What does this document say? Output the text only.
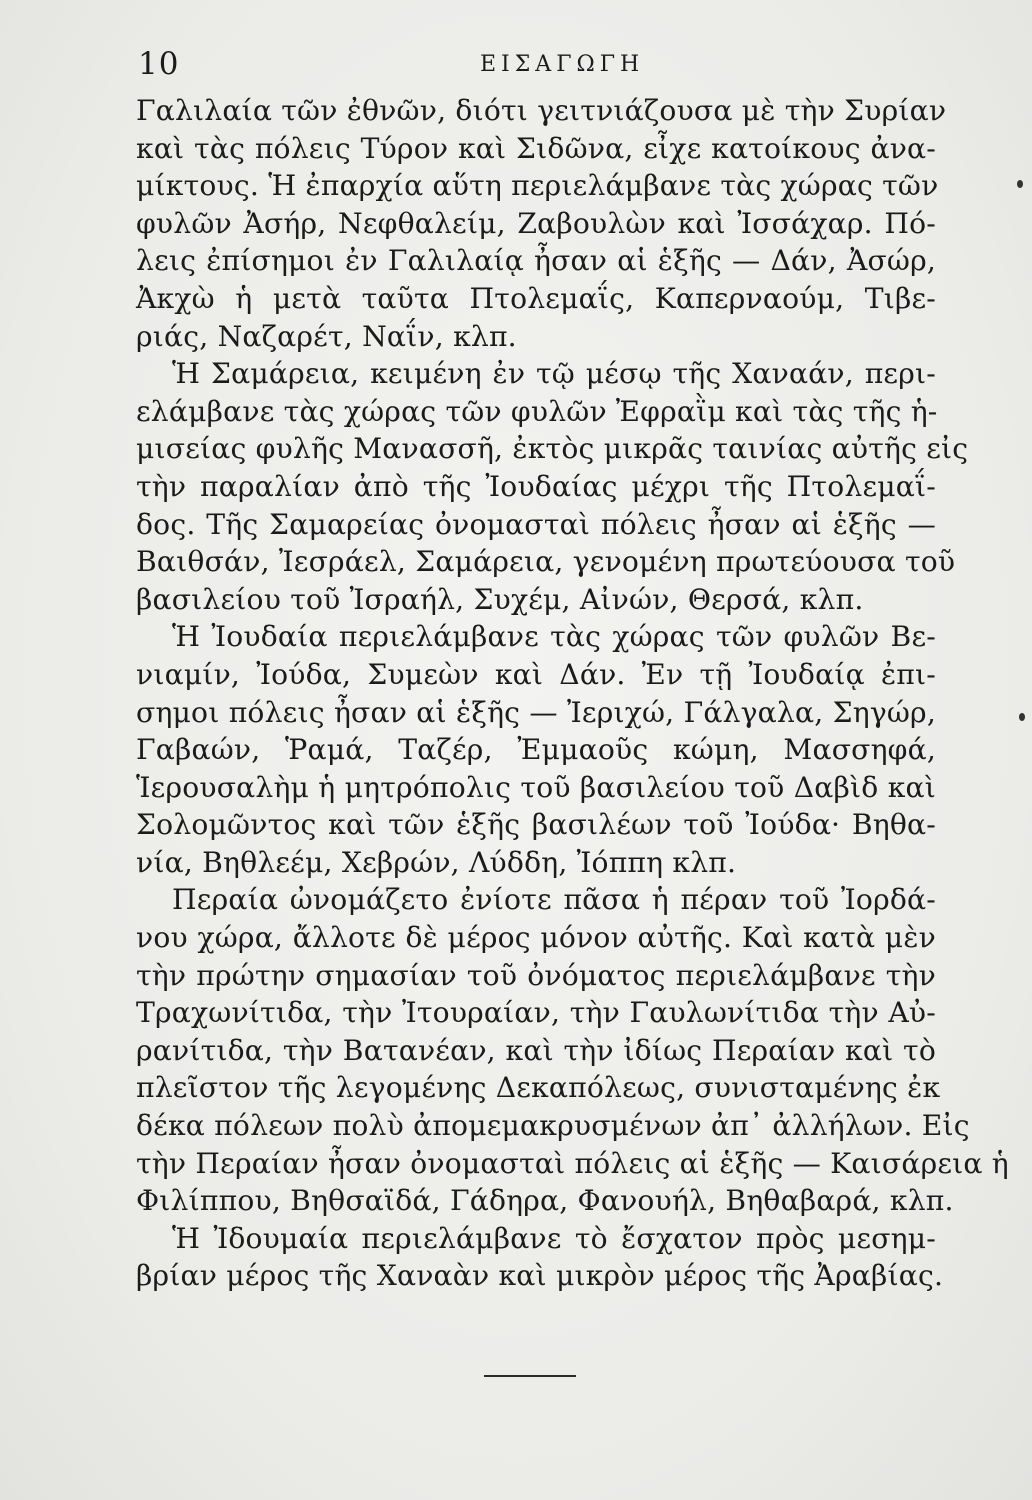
10	ΕΙΣΑΓΩΓΗ
Γαλιλαία τῶν ἐθνῶν, διότι γειτνιάζουσα μὲ τὴν Συρίαν
καὶ τὰς πόλεις Τύρον καὶ Σιδῶνα, εἶχε κατοίκους ἀνα-
μίκτους. Ἡ ἐπαρχία αὕτη περιελάμβανε τὰς χώρας τῶν
φυλῶν Ἀσήρ, Νεφθαλείμ, Ζαβουλὼν καὶ Ἰσσάχαρ. Πό-
λεις ἐπίσημοι ἐν Γαλιλαίᾳ ἦσαν αἱ ἑξῆς — Δάν, Ἀσώρ,
Ἀκχὼ ἡ μετὰ ταῦτα Πτολεμαΐς, Καπερναούμ, Τιβε-
ριάς, Ναζαρέτ, Ναΐν, κλπ.
Ἡ Σαμάρεια, κειμένη ἐν τῷ μέσῳ τῆς Χαναάν, περι-
ελάμβανε τὰς χώρας τῶν φυλῶν Ἐφραῒμ καὶ τὰς τῆς ἡ-
μισείας φυλῆς Μανασσῆ, ἐκτὸς μικρᾶς ταινίας αὐτῆς εἰς
τὴν παραλίαν ἀπὸ τῆς Ἰουδαίας μέχρι τῆς Πτολεμαΐ-
δος. Τῆς Σαμαρείας ὀνομασταὶ πόλεις ἦσαν αἱ ἑξῆς —
Βαιθσάν, Ἰεσράελ, Σαμάρεια, γενομένη πρωτεύουσα τοῦ
βασιλείου τοῦ Ἰσραήλ, Συχέμ, Αἰνών, Θερσά, κλπ.
Ἡ Ἰουδαία περιελάμβανε τὰς χώρας τῶν φυλῶν Βε-
νιαμίν, Ἰούδα, Συμεὼν καὶ Δάν. Ἐν τῇ Ἰουδαίᾳ ἐπι-
σημοι πόλεις ἦσαν αἱ ἑξῆς — Ἰεριχώ, Γάλγαλα, Σηγώρ,
Γαβαών, Ῥαμά, Ταζέρ, Ἐμμαοῦς κώμη, Μασσηφά,
Ἱερουσαλὴμ ἡ μητρόπολις τοῦ βασιλείου τοῦ Δαβὶδ καὶ
Σολομῶντος καὶ τῶν ἑξῆς βασιλέων τοῦ Ἰούδα· Βηθα-
νία, Βηθλεέμ, Χεβρών, Λύδδη, Ἰόππη κλπ.
Περαία ὠνομάζετο ἐνίοτε πᾶσα ἡ πέραν τοῦ Ἰορδά-
νου χώρα, ἄλλοτε δὲ μέρος μόνον αὐτῆς. Καὶ κατὰ μὲν
τὴν πρώτην σημασίαν τοῦ ὀνόματος περιελάμβανε τὴν
Τραχωνίτιδα, τὴν Ἰτουραίαν, τὴν Γαυλωνίτιδα τὴν Αὐ-
ρανίτιδα, τὴν Βατανέαν, καὶ τὴν ἰδίως Περαίαν καὶ τὸ
πλεῖστον τῆς λεγομένης Δεκαπόλεως, συνισταμένης ἐκ
δέκα πόλεων πολὺ ἀπομεμακρυσμένων ἀπ᾽ ἀλλήλων. Εἰς
τὴν Περαίαν ἦσαν ὀνομασταὶ πόλεις αἱ ἑξῆς — Καισάρεια ἡ
Φιλίππου, Βηθσαϊδά, Γάδηρα, Φανουήλ, Βηθαβαρά, κλπ.
Ἡ Ἰδουμαία περιελάμβανε τὸ ἔσχατον πρὸς μεσημ-
βρίαν μέρος τῆς Χαναὰν καὶ μικρὸν μέρος τῆς Ἀραβίας.
